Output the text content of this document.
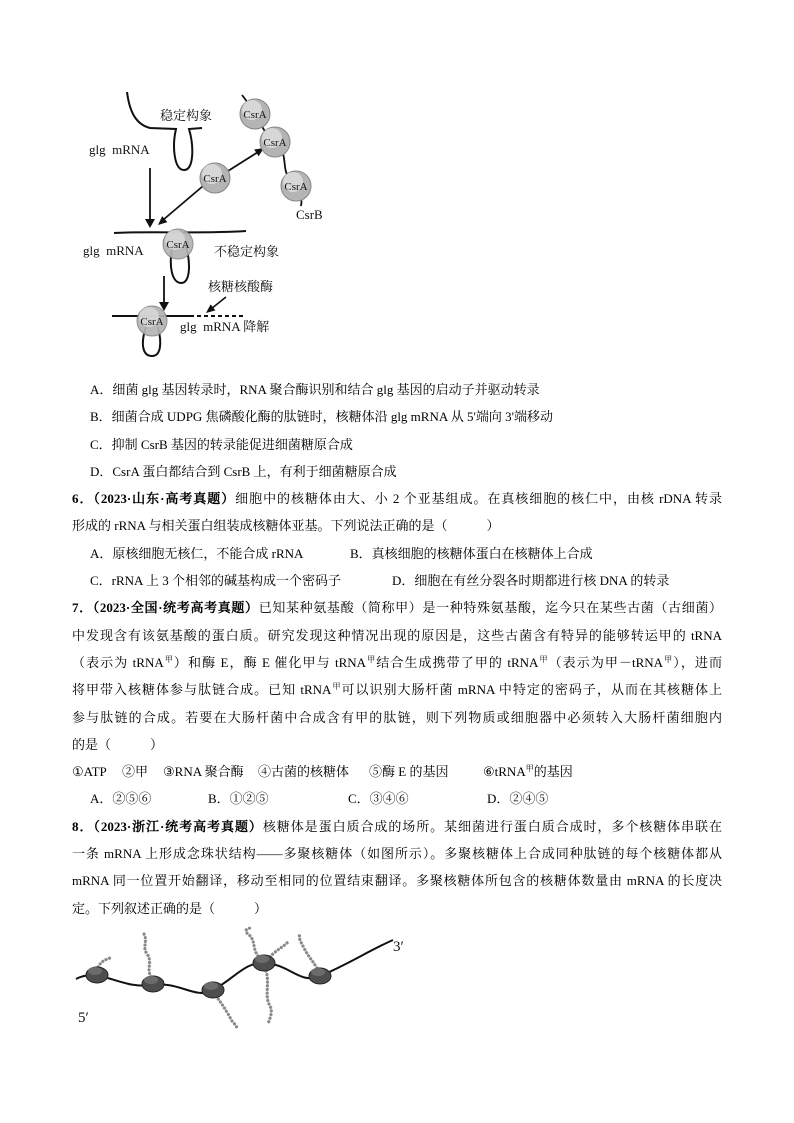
稳定构象
glg  mRNA
CsrA
CsrA
CsrA
CsrB
CsrA
CsrA
glg  mRNA	不稳定构象
核糖核酸酶
CsrA glg  mRNA 降解
A．细菌 glg 基因转录时，RNA 聚合酶识别和结合 glg 基因的启动子并驱动转录
B．细菌合成 UDPG 焦磷酸化酶的肽链时，核糖体沿 glg mRNA 从 5'端向 3'端移动
C．抑制 CsrB 基因的转录能促进细菌糖原合成
D．CsrA 蛋白都结合到 CsrB 上，有利于细菌糖原合成
6．（2023·山东·高考真题）细胞中的核糖体由大、小 2 个亚基组成。在真核细胞的核仁中，由核 rDNA 转录
形成的 rRNA 与相关蛋白组装成核糖体亚基。下列说法正确的是（　　　）
A．原核细胞无核仁，不能合成 rRNA	B．真核细胞的核糖体蛋白在核糖体上合成
C．rRNA 上 3 个相邻的碱基构成一个密码子	D．细胞在有丝分裂各时期都进行核 DNA 的转录
7．（2023·全国·统考高考真题）已知某种氨基酸（简称甲）是一种特殊氨基酸，迄今只在某些古菌（古细菌）
中发现含有该氨基酸的蛋白质。研究发现这种情况出现的原因是，这些古菌含有特异的能够转运甲的 tRNA
（表示为 tRNA$^甲$）和酶 E，酶 E 催化甲与 tRNA$^甲$结合生成携带了甲的 tRNA$^甲$（表示为甲－tRNA$^甲$），进而
将甲带入核糖体参与肽链合成。已知 tRNA$^甲$可以识别大肠杆菌 mRNA 中特定的密码子，从而在其核糖体上
参与肽链的合成。若要在大肠杆菌中合成含有甲的肽链，则下列物质或细胞器中必须转入大肠杆菌细胞内
的是（　　　）
①ATP ②甲 ③RNA 聚合酶 ④古菌的核糖体 ⑤酶 E 的基因	⑥tRNA$^甲$的基因
A．②⑤⑥	B．①②⑤	C．③④⑥	D．②④⑤
8．（2023·浙江·统考高考真题）核糖体是蛋白质合成的场所。某细菌进行蛋白质合成时，多个核糖体串联在
一条 mRNA 上形成念珠状结构——多聚核糖体（如图所示）。多聚核糖体上合成同种肽链的每个核糖体都从
mRNA 同一位置开始翻译，移动至相同的位置结束翻译。多聚核糖体所包含的核糖体数量由 mRNA 的长度决
定。下列叙述正确的是（　　　）
3′
5′
